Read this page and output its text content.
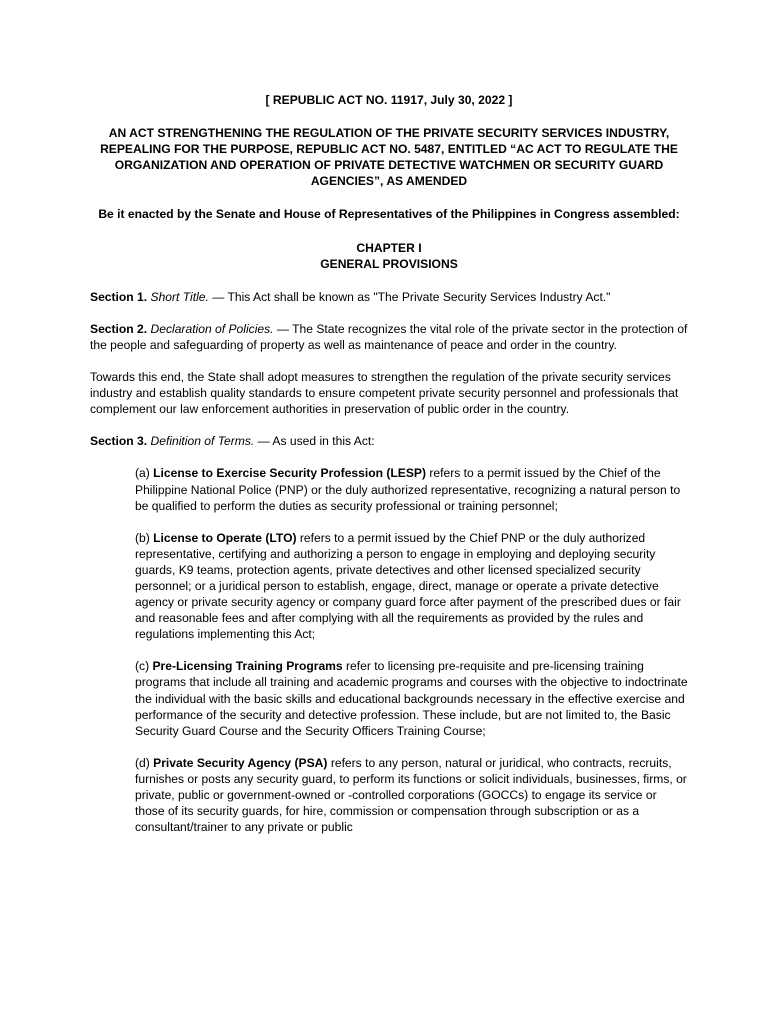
[ REPUBLIC ACT NO. 11917, July 30, 2022 ]
AN ACT STRENGTHENING THE REGULATION OF THE PRIVATE SECURITY SERVICES INDUSTRY, REPEALING FOR THE PURPOSE, REPUBLIC ACT NO. 5487, ENTITLED “AC ACT TO REGULATE THE ORGANIZATION AND OPERATION OF PRIVATE DETECTIVE WATCHMEN OR SECURITY GUARD AGENCIES”, AS AMENDED
Be it enacted by the Senate and House of Representatives of the Philippines in Congress assembled:
CHAPTER I
GENERAL PROVISIONS

Section 1. Short Title. — This Act shall be known as "The Private Security Services Industry Act."

Section 2. Declaration of Policies. — The State recognizes the vital role of the private sector in the protection of the people and safeguarding of property as well as maintenance of peace and order in the country.

Towards this end, the State shall adopt measures to strengthen the regulation of the private security services industry and establish quality standards to ensure competent private security personnel and professionals that complement our law enforcement authorities in preservation of public order in the country.

Section 3. Definition of Terms. — As used in this Act:

(a) License to Exercise Security Profession (LESP) refers to a permit issued by the Chief of the Philippine National Police (PNP) or the duly authorized representative, recognizing a natural person to be qualified to perform the duties as security professional or training personnel;

(b) License to Operate (LTO) refers to a permit issued by the Chief PNP or the duly authorized representative, certifying and authorizing a person to engage in employing and deploying security guards, K9 teams, protection agents, private detectives and other licensed specialized security personnel; or a juridical person to establish, engage, direct, manage or operate a private detective agency or private security agency or company guard force after payment of the prescribed dues or fair and reasonable fees and after complying with all the requirements as provided by the rules and regulations implementing this Act;

(c) Pre-Licensing Training Programs refer to licensing pre-requisite and pre-licensing training programs that include all training and academic programs and courses with the objective to indoctrinate the individual with the basic skills and educational backgrounds necessary in the effective exercise and performance of the security and detective profession. These include, but are not limited to, the Basic Security Guard Course and the Security Officers Training Course;

(d) Private Security Agency (PSA) refers to any person, natural or juridical, who contracts, recruits, furnishes or posts any security guard, to perform its functions or solicit individuals, businesses, firms, or private, public or government-owned or -controlled corporations (GOCCs) to engage its service or those of its security guards, for hire, commission or compensation through subscription or as a consultant/trainer to any private or public
